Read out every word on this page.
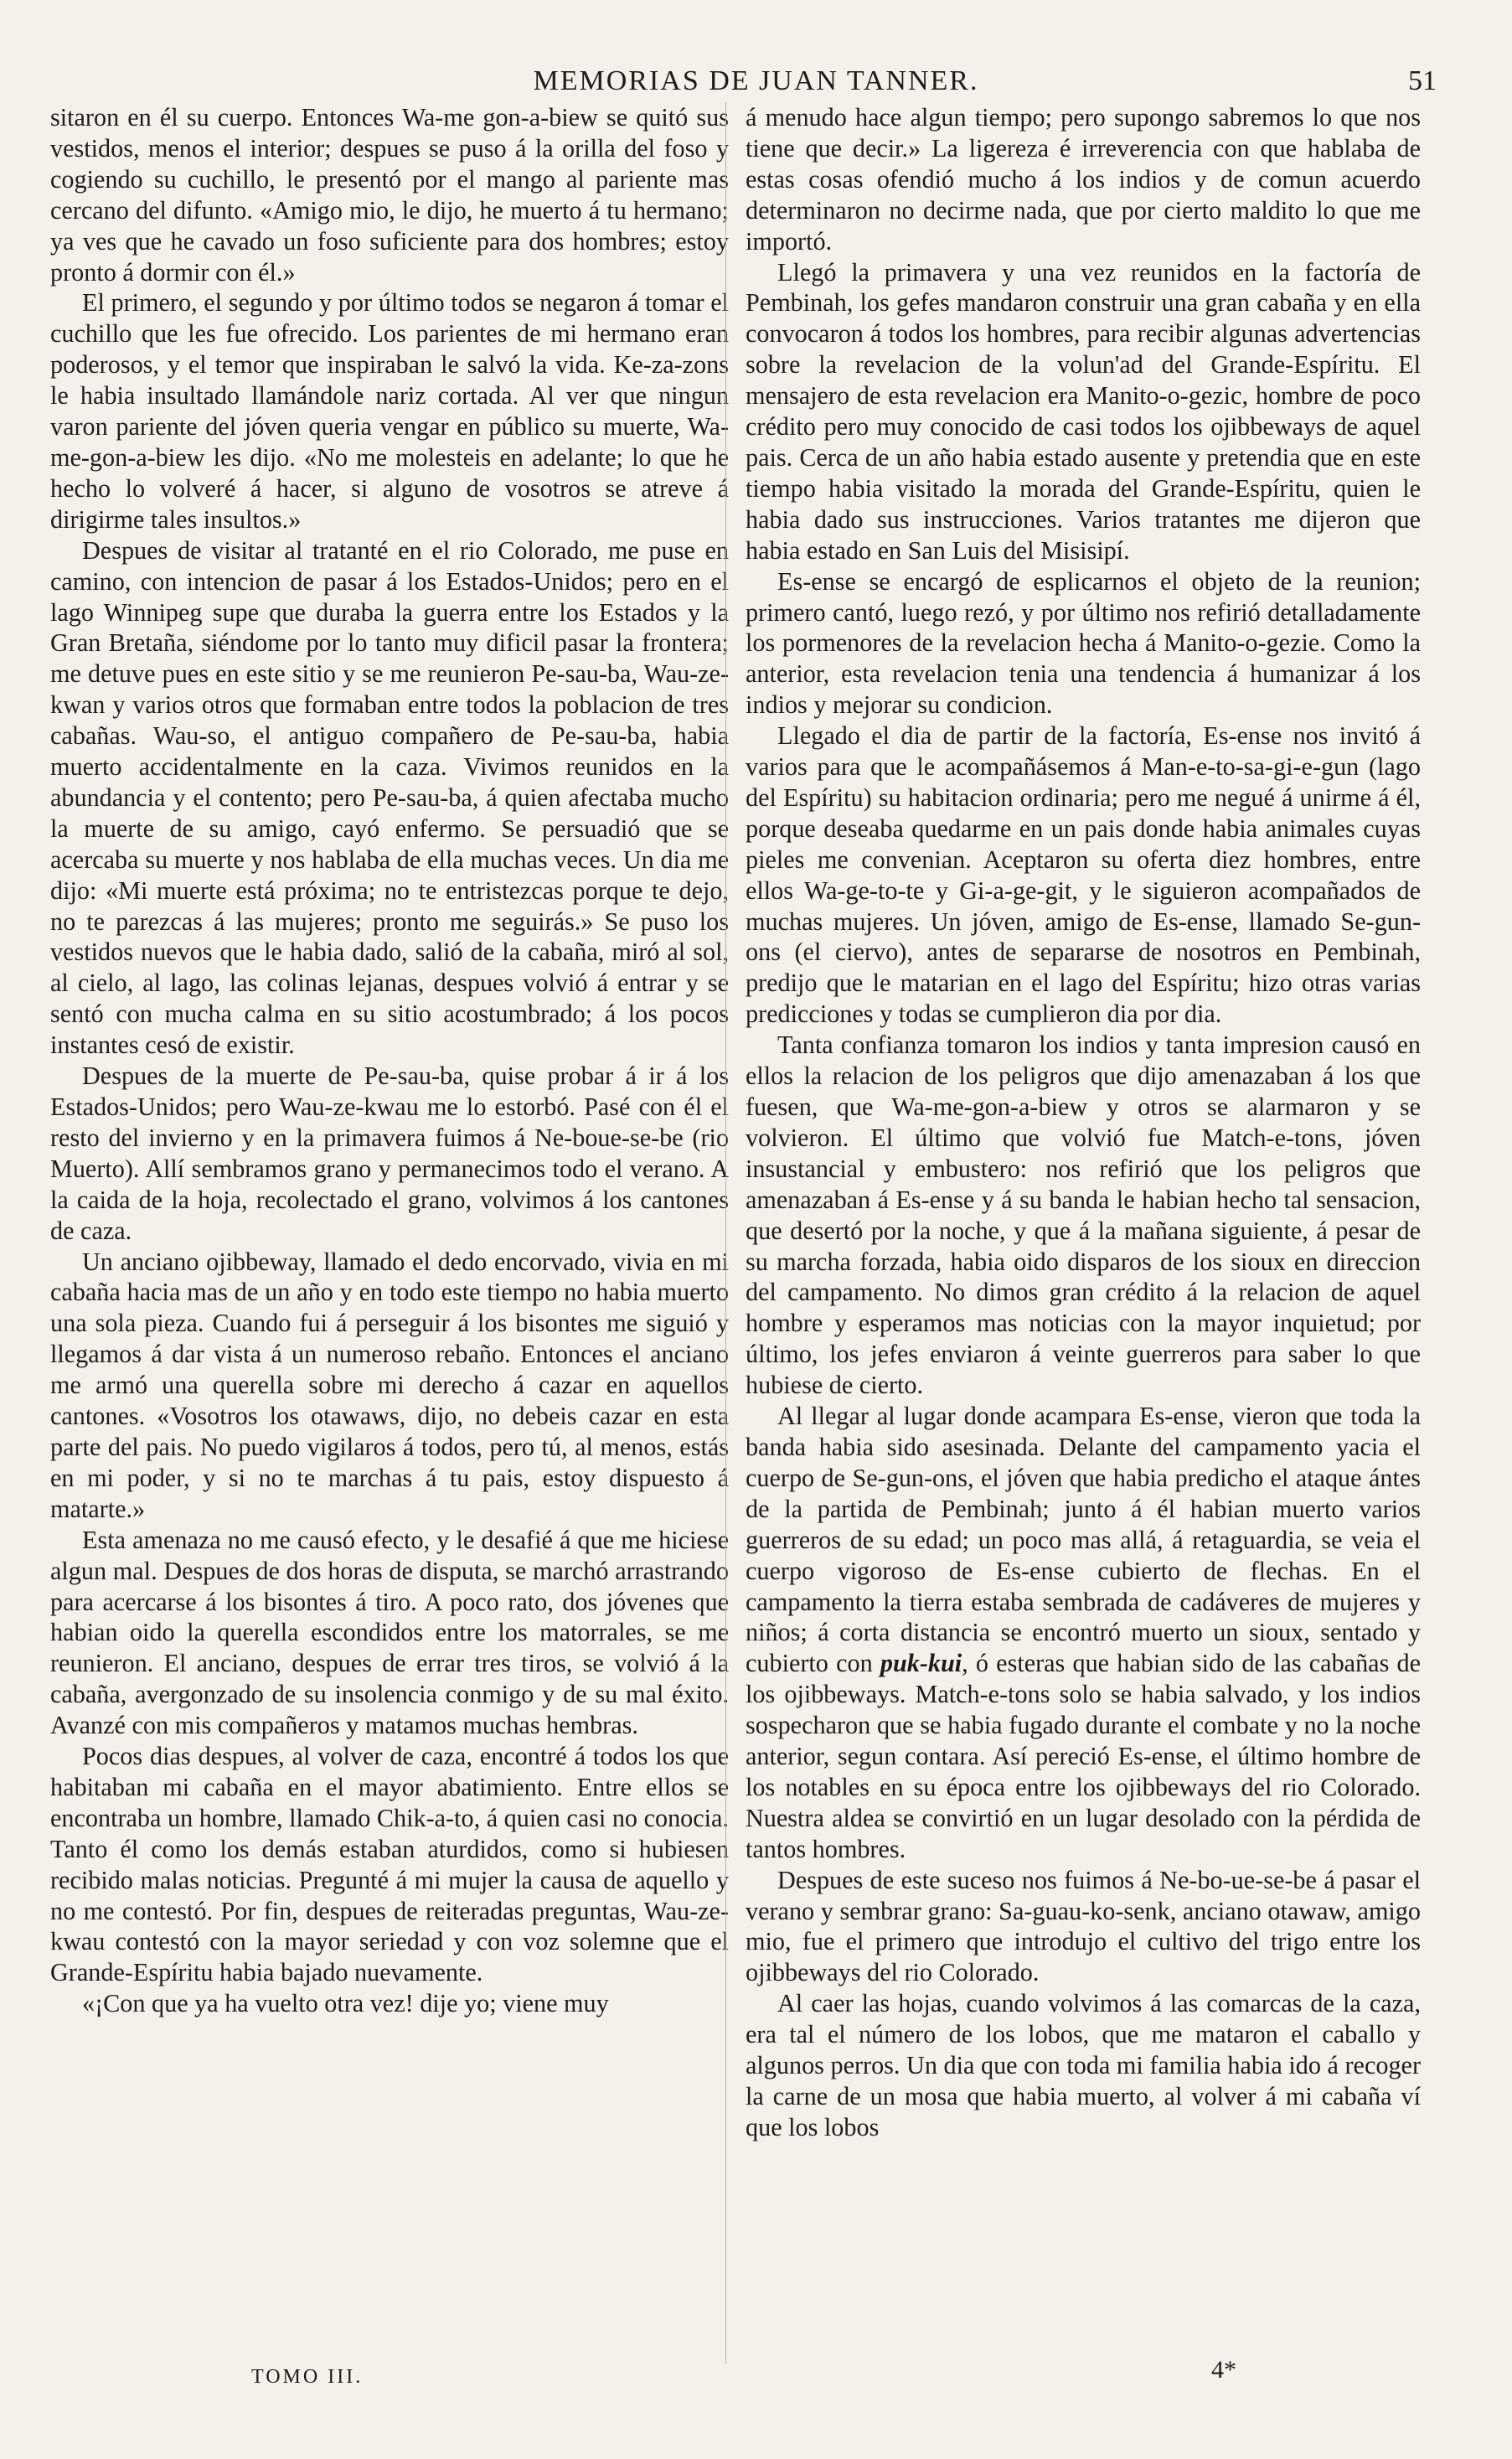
MEMORIAS DE JUAN TANNER.	51

sitaron en él su cuerpo. Entonces Wa-me gon-a-biew se quitó sus vestidos, menos el interior; despues se puso á la orilla del foso y cogiendo su cuchillo, le presentó por el mango al pariente mas cercano del difunto. «Amigo mio, le dijo, he muerto á tu hermano; ya ves que he cavado un foso suficiente para dos hombres; estoy pronto á dormir con él.»

El primero, el segundo y por último todos se negaron á tomar el cuchillo que les fue ofrecido. Los parientes de mi hermano eran poderosos, y el temor que inspiraban le salvó la vida. Ke-za-zons le habia insultado llamándole nariz cortada. Al ver que ningun varon pariente del jóven queria vengar en público su muerte, Wa-me-gon-a-biew les dijo. «No me molesteis en adelante; lo que he hecho lo volveré á hacer, si alguno de vosotros se atreve á dirigirme tales insultos.»

Despues de visitar al tratanté en el rio Colorado, me puse en camino, con intencion de pasar á los Estados-Unidos; pero en el lago Winnipeg supe que duraba la guerra entre los Estados y la Gran Bretaña, siéndome por lo tanto muy dificil pasar la frontera; me detuve pues en este sitio y se me reunieron Pe-sau-ba, Wau-ze-kwan y varios otros que formaban entre todos la poblacion de tres cabañas. Wau-so, el antiguo compañero de Pe-sau-ba, habia muerto accidentalmente en la caza. Vivimos reunidos en la abundancia y el contento; pero Pe-sau-ba, á quien afectaba mucho la muerte de su amigo, cayó enfermo. Se persuadió que se acercaba su muerte y nos hablaba de ella muchas veces. Un dia me dijo: «Mi muerte está próxima; no te entristezcas porque te dejo, no te parezcas á las mujeres; pronto me seguirás.» Se puso los vestidos nuevos que le habia dado, salió de la cabaña, miró al sol, al cielo, al lago, las colinas lejanas, despues volvió á entrar y se sentó con mucha calma en su sitio acostumbrado; á los pocos instantes cesó de existir.

Despues de la muerte de Pe-sau-ba, quise probar á ir á los Estados-Unidos; pero Wau-ze-kwau me lo estorbó. Pasé con él el resto del invierno y en la primavera fuimos á Ne-boue-se-be (rio Muerto). Allí sembramos grano y permanecimos todo el verano. A la caida de la hoja, recolectado el grano, volvimos á los cantones de caza.

Un anciano ojibbeway, llamado el dedo encorvado, vivia en mi cabaña hacia mas de un año y en todo este tiempo no habia muerto una sola pieza. Cuando fui á perseguir á los bisontes me siguió y llegamos á dar vista á un numeroso rebaño. Entonces el anciano me armó una querella sobre mi derecho á cazar en aquellos cantones. «Vosotros los otawaws, dijo, no debeis cazar en esta parte del pais. No puedo vigilaros á todos, pero tú, al menos, estás en mi poder, y si no te marchas á tu pais, estoy dispuesto á matarte.»

Esta amenaza no me causó efecto, y le desafié á que me hiciese algun mal. Despues de dos horas de disputa, se marchó arrastrando para acercarse á los bisontes á tiro. A poco rato, dos jóvenes que habian oido la querella escondidos entre los matorrales, se me reunieron. El anciano, despues de errar tres tiros, se volvió á la cabaña, avergonzado de su insolencia conmigo y de su mal éxito. Avanzé con mis compañeros y matamos muchas hembras.

Pocos dias despues, al volver de caza, encontré á todos los que habitaban mi cabaña en el mayor abatimiento. Entre ellos se encontraba un hombre, llamado Chik-a-to, á quien casi no conocia. Tanto él como los demás estaban aturdidos, como si hubiesen recibido malas noticias. Pregunté á mi mujer la causa de aquello y no me contestó. Por fin, despues de reiteradas preguntas, Wau-ze-kwau contestó con la mayor seriedad y con voz solemne que el Grande-Espíritu habia bajado nuevamente.

«¡Con que ya ha vuelto otra vez! dije yo; viene muy

á menudo hace algun tiempo; pero supongo sabremos lo que nos tiene que decir.» La ligereza é irreverencia con que hablaba de estas cosas ofendió mucho á los indios y de comun acuerdo determinaron no decirme nada, que por cierto maldito lo que me importó.

Llegó la primavera y una vez reunidos en la factoría de Pembinah, los gefes mandaron construir una gran cabaña y en ella convocaron á todos los hombres, para recibir algunas advertencias sobre la revelacion de la volun'ad del Grande-Espíritu. El mensajero de esta revelacion era Manito-o-gezic, hombre de poco crédito pero muy conocido de casi todos los ojibbeways de aquel pais. Cerca de un año habia estado ausente y pretendia que en este tiempo habia visitado la morada del Grande-Espíritu, quien le habia dado sus instrucciones. Varios tratantes me dijeron que habia estado en San Luis del Misisipí.

Es-ense se encargó de esplicarnos el objeto de la reunion; primero cantó, luego rezó, y por último nos refirió detalladamente los pormenores de la revelacion hecha á Manito-o-gezie. Como la anterior, esta revelacion tenia una tendencia á humanizar á los indios y mejorar su condicion.

Llegado el dia de partir de la factoría, Es-ense nos invitó á varios para que le acompañásemos á Man-e-to-sa-gi-e-gun (lago del Espíritu) su habitacion ordinaria; pero me negué á unirme á él, porque deseaba quedarme en un pais donde habia animales cuyas pieles me convenian. Aceptaron su oferta diez hombres, entre ellos Wa-ge-to-te y Gi-a-ge-git, y le siguieron acompañados de muchas mujeres. Un jóven, amigo de Es-ense, llamado Se-gun-ons (el ciervo), antes de separarse de nosotros en Pembinah, predijo que le matarian en el lago del Espíritu; hizo otras varias predicciones y todas se cumplieron dia por dia.

Tanta confianza tomaron los indios y tanta impresion causó en ellos la relacion de los peligros que dijo amenazaban á los que fuesen, que Wa-me-gon-a-biew y otros se alarmaron y se volvieron. El último que volvió fue Match-e-tons, jóven insustancial y embustero: nos refirió que los peligros que amenazaban á Es-ense y á su banda le habian hecho tal sensacion, que desertó por la noche, y que á la mañana siguiente, á pesar de su marcha forzada, habia oido disparos de los sioux en direccion del campamento. No dimos gran crédito á la relacion de aquel hombre y esperamos mas noticias con la mayor inquietud; por último, los jefes enviaron á veinte guerreros para saber lo que hubiese de cierto.

Al llegar al lugar donde acampara Es-ense, vieron que toda la banda habia sido asesinada. Delante del campamento yacia el cuerpo de Se-gun-ons, el jóven que habia predicho el ataque ántes de la partida de Pembinah; junto á él habian muerto varios guerreros de su edad; un poco mas allá, á retaguardia, se veia el cuerpo vigoroso de Es-ense cubierto de flechas. En el campamento la tierra estaba sembrada de cadáveres de mujeres y niños; á corta distancia se encontró muerto un sioux, sentado y cubierto con puk-kui, ó esteras que habian sido de las cabañas de los ojibbeways. Match-e-tons solo se habia salvado, y los indios sospecharon que se habia fugado durante el combate y no la noche anterior, segun contara. Así pereció Es-ense, el último hombre de los notables en su época entre los ojibbeways del rio Colorado. Nuestra aldea se convirtió en un lugar desolado con la pérdida de tantos hombres.

Despues de este suceso nos fuimos á Ne-bo-ue-se-be á pasar el verano y sembrar grano: Sa-guau-ko-senk, anciano otawaw, amigo mio, fue el primero que introdujo el cultivo del trigo entre los ojibbeways del rio Colorado.

Al caer las hojas, cuando volvimos á las comarcas de la caza, era tal el número de los lobos, que me mataron el caballo y algunos perros. Un dia que con toda mi familia habia ido á recoger la carne de un mosa que habia muerto, al volver á mi cabaña ví que los lobos

TOMO III.	4*
